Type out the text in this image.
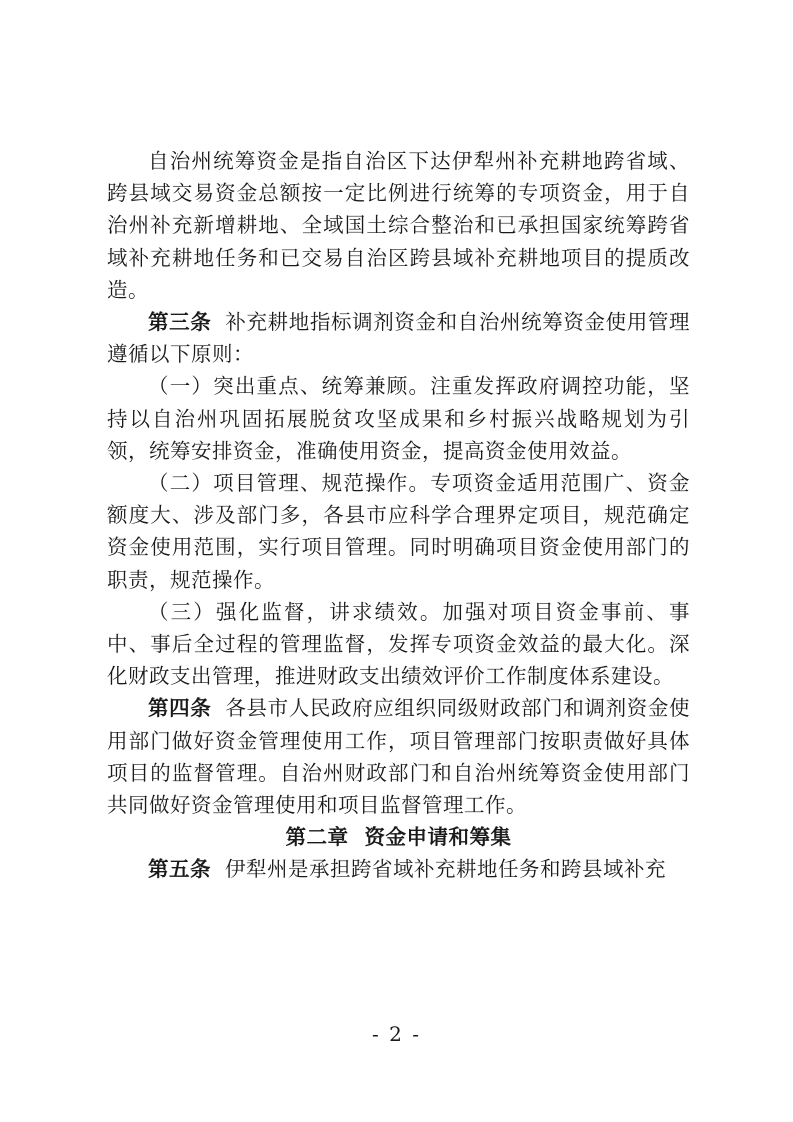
自治州统筹资金是指自治区下达伊犁州补充耕地跨省域、跨县域交易资金总额按一定比例进行统筹的专项资金，用于自治州补充新增耕地、全域国土综合整治和已承担国家统筹跨省域补充耕地任务和已交易自治区跨县域补充耕地项目的提质改造。

第三条 补充耕地指标调剂资金和自治州统筹资金使用管理遵循以下原则：

（一）突出重点、统筹兼顾。注重发挥政府调控功能，坚持以自治州巩固拓展脱贫攻坚成果和乡村振兴战略规划为引领，统筹安排资金，准确使用资金，提高资金使用效益。

（二）项目管理、规范操作。专项资金适用范围广、资金额度大、涉及部门多，各县市应科学合理界定项目，规范确定资金使用范围，实行项目管理。同时明确项目资金使用部门的职责，规范操作。

（三）强化监督，讲求绩效。加强对项目资金事前、事中、事后全过程的管理监督，发挥专项资金效益的最大化。深化财政支出管理，推进财政支出绩效评价工作制度体系建设。

第四条 各县市人民政府应组织同级财政部门和调剂资金使用部门做好资金管理使用工作，项目管理部门按职责做好具体项目的监督管理。自治州财政部门和自治州统筹资金使用部门共同做好资金管理使用和项目监督管理工作。

第二章 资金申请和筹集

第五条 伊犁州是承担跨省域补充耕地任务和跨县域补充

- 2 -
